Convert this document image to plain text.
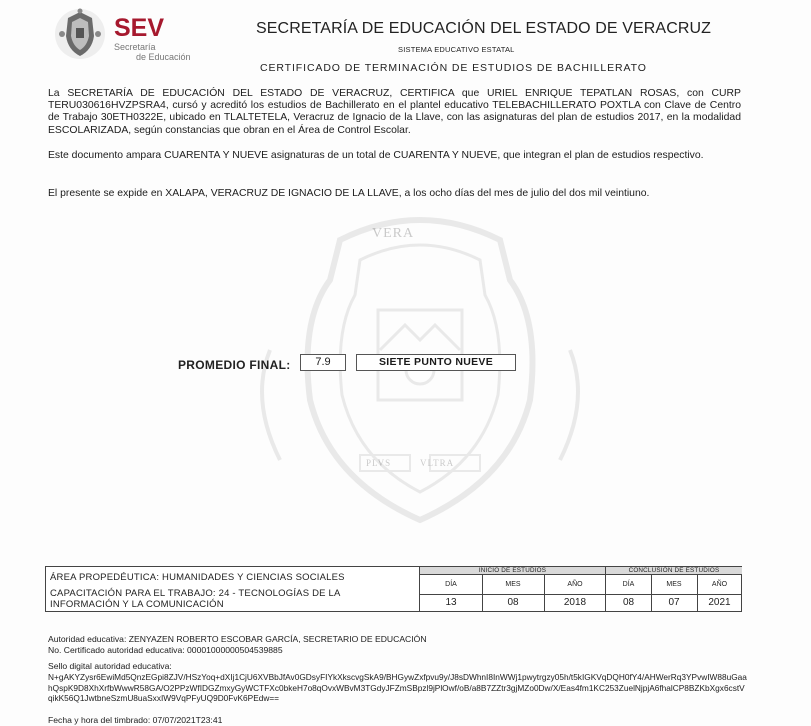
VERA
PLVS	VLTRA
SEV
Secretaría
de Educación
SECRETARÍA DE EDUCACIÓN DEL ESTADO DE VERACRUZ
SISTEMA EDUCATIVO ESTATAL
CERTIFICADO DE TERMINACIÓN DE ESTUDIOS DE BACHILLERATO
La SECRETARÍA DE EDUCACIÓN DEL ESTADO DE VERACRUZ, CERTIFICA que URIEL ENRIQUE TEPATLAN ROSAS, con CURP TERU030616HVZPSRA4, cursó y acreditó los estudios de Bachillerato en el plantel educativo TELEBACHILLERATO POXTLA con Clave de Centro de Trabajo 30ETH0322E, ubicado en TLALTETELA, Veracruz de Ignacio de la Llave, con las asignaturas del plan de estudios 2017, en la modalidad ESCOLARIZADA, según constancias que obran en el Área de Control Escolar.
Este documento ampara CUARENTA Y NUEVE asignaturas de un total de CUARENTA Y NUEVE, que integran el plan de estudios respectivo.
El presente se expide en XALAPA, VERACRUZ DE IGNACIO DE LA LLAVE, a los ocho días del mes de julio del dos mil veintiuno.
PROMEDIO FINAL:	7.9	SIETE PUNTO NUEVE
ÁREA PROPEDÉUTICA: HUMANIDADES Y CIENCIAS SOCIALES
CAPACITACIÓN PARA EL TRABAJO: 24 - TECNOLOGÍAS DE LA
INFORMACIÓN Y LA COMUNICACIÓN
INICIO DE ESTUDIOS
DÍA	MES	AÑO
13	08	2018
CONCLUSIÓN DE ESTUDIOS
DÍA	MES	AÑO
08	07	2021
Autoridad educativa: ZENYAZEN ROBERTO ESCOBAR GARCÍA, SECRETARIO DE EDUCACIÓN
No. Certificado autoridad educativa: 00001000000504539885
Sello digital autoridad educativa:
N+gAKYZysr6EwiMd5QnzEGpi8ZJV/HSzYoq+dXIj1CjU6XVBbJfAv0GDsyFIYkXkscvgSkA9/BHGywZxfpvu9y/J8sDWhnI8InWWj1pwytrgzy05h/t5kIGKVqDQH0fY4/AHWerRq3YPvwIW88uGaahQspK9D8XhXrfbWwwR58GA/O2PPzWfIDGZmxyGyWCTFXc0bkeH7o8qOvxWBvM3TGdyJFZmSBpzl9jPlOwf/oB/a8B7ZZtr3gjMZo0Dw/X/Eas4fm1KC253ZuelNjpjA6fhalCP8BZKbXgx6cstVqikK56Q1JwtbneSzmU8uaSxxIW9VqPFyUQ9D0FvK6PEdw==
Fecha y hora del timbrado: 07/07/2021T23:41
